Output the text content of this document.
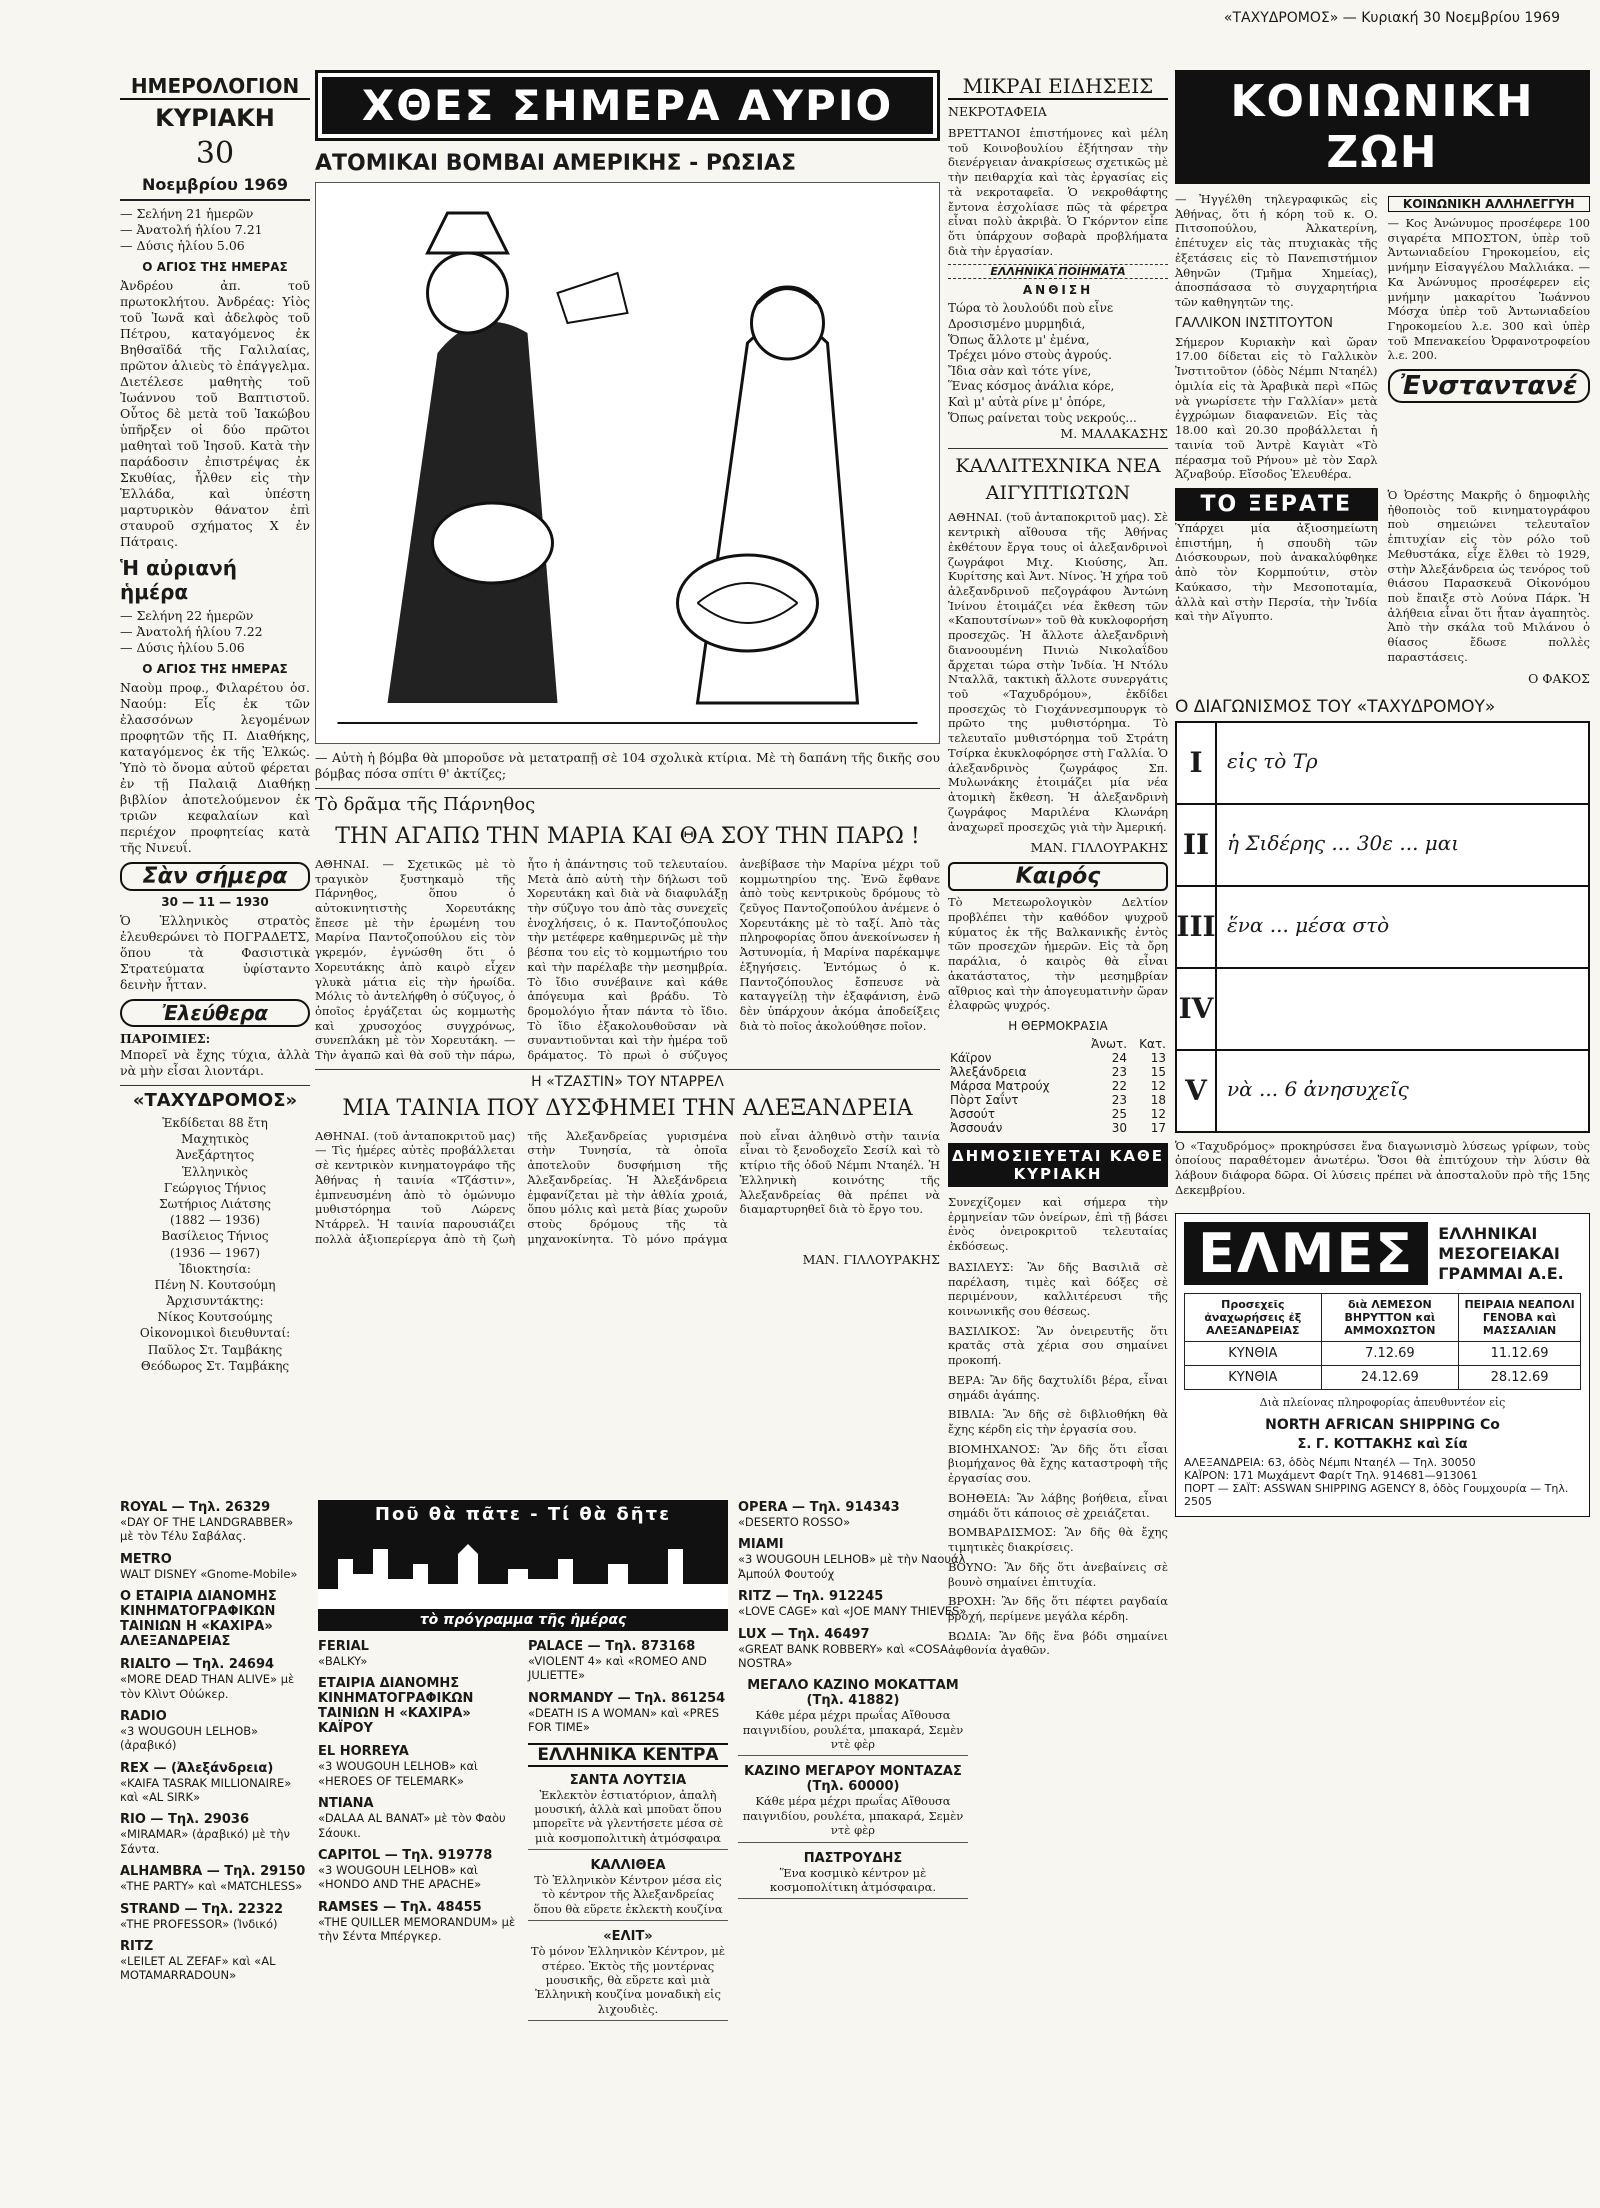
«ΤΑΧΥΔΡΟΜΟΣ» — Κυριακή 30 Νοεμβρίου 1969
ΗΜΕΡΟΛΟΓΙΟΝ
ΚΥΡΙΑΚΗ
30
Νοεμβρίου 1969
— Σελήνη 21 ἡμερῶν
— Ἀνατολή ἡλίου 7.21
— Δύσις ἡλίου 5.06
Ο ΑΓΙΟΣ ΤΗΣ ΗΜΕΡΑΣ

Ἀνδρέου ἀπ. τοῦ πρωτοκλήτου. Ἀνδρέας: Υἱὸς τοῦ Ἰωνᾶ καὶ ἀδελφὸς τοῦ Πέτρου, καταγόμενος ἐκ Βηθσαϊδά τῆς Γαλιλαίας, πρῶτον ἁλιεὺς τὸ ἐπάγγελμα. Διετέλεσε μαθητὴς τοῦ Ἰωάννου τοῦ Βαπτιστοῦ. Οὗτος δὲ μετὰ τοῦ Ἰακώβου ὑπῆρξεν οἱ δύο πρῶτοι μαθηταὶ τοῦ Ἰησοῦ. Κατὰ τὴν παράδοσιν ἐπιστρέψας ἐκ Σκυθίας, ἦλθεν εἰς τὴν Ἑλλάδα, καὶ ὑπέστη μαρτυρικὸν θάνατον ἐπὶ σταυροῦ σχήματος Χ ἐν Πάτραις.

Ἡ αὐριανή ἡμέρα
— Σελήνη 22 ἡμερῶν
— Ἀνατολή ἡλίου 7.22
— Δύσις ἡλίου 5.06
Ο ΑΓΙΟΣ ΤΗΣ ΗΜΕΡΑΣ

Ναοὺμ προφ., Φιλαρέτου ὁσ. Ναούμ: Εἷς ἐκ τῶν ἐλασσόνων λεγομένων προφητῶν τῆς Π. Διαθήκης, καταγόμενος ἐκ τῆς Ἐλκώς. Ὑπὸ τὸ ὄνομα αὐτοῦ φέρεται ἐν τῇ Παλαιᾷ Διαθήκῃ βιβλίον ἀποτελούμενον ἐκ τριῶν κεφαλαίων καὶ περιέχον προφητείας κατὰ τῆς Νινευΐ.

Σὰν σήμερα
30 — 11 — 1930

Ὁ Ἑλληνικὸς στρατὸς ἐλευθερώνει τὸ ΠΟΓΡΑΔΕΤΣ, ὅπου τὰ Φασιστικὰ Στρατεύματα ὑφίσταντο δεινὴν ἧτταν.

Ἐλεύθερα
ΠΑΡΟΙΜΙΕΣ:

Μπορεῖ νὰ ἔχης τύχια, ἀλλὰ νὰ μὴν εἶσαι λιοντάρι.

«ΤΑΧΥΔΡΟΜΟΣ»
Ἐκδίδεται 88 ἔτη
Μαχητικὸς
Ἀνεξάρτητος
Ἑλληνικὸς
Γεώργιος Τήνιος
Σωτήριος Λιάτσης
(1882 — 1936)
Βασίλειος Τήνιος
(1936 — 1967)
Ἰδιοκτησία:
Πένη Ν. Κουτσούμη
Ἀρχισυντάκτης:
Νίκος Κουτσούμης
Οἰκονομικοὶ διευθυνταί:
Παῦλος Στ. Ταμβάκης
Θεόδωρος Στ. Ταμβάκης
ΧΘΕΣ ΣΗΜΕΡΑ ΑΥΡΙΟ
ΑΤΟΜΙΚΑΙ ΒΟΜΒΑΙ ΑΜΕΡΙΚΗΣ - ΡΩΣΙΑΣ

— Αὐτὴ ἡ βόμβα θὰ μποροῦσε νὰ μετατραπῇ σὲ 104 σχολικὰ κτίρια. Μὲ τὴ δαπάνη τῆς δικῆς σου βόμβας πόσα σπίτι θ' ἀκτίζες;

Τὸ δρᾶμα τῆς Πάρνηθος
ΤΗΝ ΑΓΑΠΩ ΤΗΝ ΜΑΡΙΑ ΚΑΙ ΘΑ ΣΟΥ ΤΗΝ ΠΑΡΩ !

ΑΘΗΝΑΙ. — Σχετικῶς μὲ τὸ τραγικὸν ξυστηκαμὸ τῆς Πάρνηθος, ὅπου ὁ αὐτοκινητιστὴς Χορευτάκης ἔπεσε μὲ τὴν ἐρωμένη του Μαρίνα Παντοζοπούλου εἰς τὸν γκρεμόν, ἐγνώσθη ὅτι ὁ Χορευτάκης ἀπὸ καιρὸ εἶχεν γλυκὰ μάτια εἰς τὴν ἡρωίδα. Μόλις τὸ ἀντελήφθη ὁ σύζυγος, ὁ ὁποῖος ἐργάζεται ὡς κομμωτὴς καὶ χρυσοχόος συγχρόνως, συνεπλάκη μὲ τὸν Χορευτάκη. — Τὴν ἀγαπῶ καὶ θὰ σοῦ τὴν πάρω, ἦτο ἡ ἀπάντησις τοῦ τελευταίου. Μετὰ ἀπὸ αὐτὴ τὴν δήλωσι τοῦ Χορευτάκη καὶ διὰ νὰ διαφυλάξῃ τὴν σύζυγο του ἀπὸ τὰς συνεχεῖς ἐνοχλήσεις, ὁ κ. Παντοζόπουλος τὴν μετέφερε καθημερινῶς μὲ τὴν βέσπα του εἰς τὸ κομμωτήριο του καὶ τὴν παρέλαβε τὴν μεσημβρία. Τὸ ἴδιο συνέβαινε καὶ κάθε ἀπόγευμα καὶ βράδυ. Τὸ δρομολόγιο ἦταν πάντα τὸ ἴδιο. Τὸ ἴδιο ἐξακολουθοῦσαν νὰ συναντιοῦνται καὶ τὴν ἡμέρα τοῦ δράματος. Τὸ πρωὶ ὁ σύζυγος ἀνεβίβασε τὴν Μαρίνα μέχρι τοῦ κομμωτηρίου της. Ἐνῶ ἔφθανε ἀπὸ τοὺς κεντρικοὺς δρόμους τὸ ζεῦγος Παντοζοπούλου ἀνέμενε ὁ Χορευτάκης μὲ τὸ ταξί. Ἀπὸ τὰς πληροφορίας ὅπου ἀνεκοίνωσεν ἡ Ἀστυνομία, ἡ Μαρίνα παρέκαμψε ἐξηγήσεις. Ἐντόμως ὁ κ. Παντοζόπουλος ἔσπευσε νὰ καταγγείλῃ τὴν ἐξαφάνιση, ἐνῶ δὲν ὑπάρχουν ἀκόμα ἀποδείξεις διὰ τὸ ποῖος ἀκολούθησε ποῖον.

Η «ΤΖΑΣΤΙΝ» ΤΟΥ ΝΤΑΡΡΕΛ
ΜΙΑ ΤΑΙΝΙΑ ΠΟΥ ΔΥΣΦΗΜΕΙ ΤΗΝ ΑΛΕΞΑΝΔΡΕΙΑ

ΑΘΗΝΑΙ. (τοῦ ἀνταποκριτοῦ μας) — Τὶς ἡμέρες αὐτὲς προβάλλεται σὲ κεντρικὸν κινηματογράφο τῆς Ἀθήνας ἡ ταινία «Τζάστιν», ἐμπνευσμένη ἀπὸ τὸ ὁμώνυμο μυθιστόρημα τοῦ Λώρενς Ντάρρελ. Ἡ ταινία παρουσιάζει πολλὰ ἀξιοπερίεργα ἀπὸ τὴ ζωὴ τῆς Ἀλεξανδρείας γυρισμένα στὴν Τυνησία, τὰ ὁποῖα ἀποτελοῦν δυσφήμιση τῆς Ἀλεξανδρείας. Ἡ Ἀλεξάνδρεια ἐμφανίζεται μὲ τὴν ἀθλία χροιά, ὅπου μόλις καὶ μετὰ βίας χωροῦν στοὺς δρόμους τῆς τὰ μηχανοκίνητα. Τὸ μόνο πράγμα ποὺ εἶναι ἀληθινὸ στὴν ταινία εἶναι τὸ ξενοδοχεῖο Σεσίλ καὶ τὸ κτίριο τῆς ὁδοῦ Νέμπι Νταηέλ. Ἡ Ἑλληνικὴ κοινότης τῆς Ἀλεξανδρείας θὰ πρέπει νὰ διαμαρτυρηθεῖ διὰ τὸ ἔργο του.

ΜΑΝ. ΓΙΛΛΟΥΡΑΚΗΣ
ΜΙΚΡΑΙ ΕΙΔΗΣΕΙΣ
ΝΕΚΡΟΤΑΦΕΙΑ

ΒΡΕΤΤΑΝΟΙ ἐπιστήμονες καὶ μέλη τοῦ Κοινοβουλίου ἐξήτησαν τὴν διενέργειαν ἀνακρίσεως σχετικῶς μὲ τὴν πειθαρχία καὶ τὰς ἐργασίας εἰς τὰ νεκροταφεῖα. Ὁ νεκροθάφτης ἔντονα ἐσχολίασε πῶς τὰ φέρετρα εἶναι πολὺ ἀκριβὰ. Ὁ Γκόρντον εἶπε ὅτι ὑπάρχουν σοβαρὰ προβλήματα διὰ τὴν ἐργασίαν.

ΕΛΛΗΝΙΚΑ ΠΟΙΗΜΑΤΑ
ΑΝΘΙΣΗ
Τώρα τὸ λουλούδι ποὺ εἶνε
Δροσισμένο μυρμηδιά,
Ὅπως ἄλλοτε μ' ἐμένα,
Τρέχει μόνο στοὺς ἀγρούς.
Ἴδια σὰν καὶ τότε γίνε,
Ἕνας κόσμος ἀνάλια κόρε,
Καὶ μ' αὐτὰ ρίνε μ' ὁπόρε,
Ὅπως ραίνεται τοὺς νεκρούς...
Μ. ΜΑΛΑΚΑΣΗΣ
ΚΑΛΛΙΤΕΧΝΙΚΑ ΝΕΑ ΑΙΓΥΠΤΙΩΤΩΝ

ΑΘΗΝΑΙ. (τοῦ ἀνταποκριτοῦ μας). Σὲ κεντρικὴ αἴθουσα τῆς Ἀθήνας ἐκθέτουν ἔργα τους οἱ ἀλεξανδρινοὶ ζωγράφοι Μιχ. Κιούσης, Ἀπ. Κυρίτσης καὶ Ἀντ. Νίνος. Ἡ χήρα τοῦ ἀλεξανδρινοῦ πεζογράφου Ἀντώνη Ἰνίνου ἑτοιμάζει νέα ἔκθεση τῶν «Καπουτσίνων» τοῦ θὰ κυκλοφορήση προσεχῶς. Ἡ ἄλλοτε ἀλεξανδρινὴ διανοουμένη Πινιὼ Νικολαΐδου ἄρχεται τώρα στὴν Ἰνδία. Ἡ Ντόλυ Νταλλᾶ, τακτικὴ ἄλλοτε συνεργάτις τοῦ «Ταχυδρόμου», ἐκδίδει προσεχῶς τὸ Γιοχάννεσμπουργκ τὸ πρῶτο της μυθιστόρημα. Τὸ τελευταῖο μυθιστόρημα τοῦ Στράτη Τσίρκα ἐκυκλοφόρησε στὴ Γαλλία. Ὁ ἀλεξανδρινὸς ζωγράφος Σπ. Μυλωνάκης ἑτοιμάζει μία νέα ἀτομικὴ ἔκθεση. Ἡ ἀλεξανδρινὴ ζωγράφος Μαριλένα Κλωνάρη ἀναχωρεῖ προσεχῶς γιὰ τὴν Ἀμερική.

ΜΑΝ. ΓΙΛΛΟΥΡΑΚΗΣ
Καιρός

Τὸ Μετεωρολογικὸν Δελτίον προβλέπει τὴν καθόδον ψυχροῦ κύματος ἐκ τῆς Βαλκανικῆς ἐντὸς τῶν προσεχῶν ἡμερῶν. Εἰς τὰ ὄρη παράλια, ὁ καιρὸς θὰ εἶναι ἀκατάστατος, τὴν μεσημβρίαν αἴθριος καὶ τὴν ἀπογευματινὴν ὥραν ἐλαφρῶς ψυχρός.

Η ΘΕΡΜΟΚΡΑΣΙΑ
	Ἀνωτ.	Κατ.
Κάϊρον	24	13
Ἀλεξάνδρεια	23	15
Μάρσα Ματρούχ	22	12
Πὸρτ Σαΐντ	23	18
Ἀσσούτ	25	12
Ἀσσουάν	30	17
ΔΗΜΟΣΙΕΥΕΤΑΙ ΚΑΘΕ ΚΥΡΙΑΚΗ

Συνεχίζομεν καὶ σήμερα τὴν ἑρμηνείαν τῶν ὀνείρων, ἐπὶ τῇ βάσει ἑνὸς ὀνειροκριτοῦ τελευταίας ἐκδόσεως.

ΒΑΣΙΛΕΥΣ: Ἂν δῆς Βασιλιᾶ σὲ παρέλαση, τιμὲς καὶ δόξες σὲ περιμένουν, καλλιτέρευσι τῆς κοινωνικῆς σου θέσεως.

ΒΑΣΙΛΙΚΟΣ: Ἂν ὀνειρευτῆς ὅτι κρατᾶς στὰ χέρια σου σημαίνει προκοπή.

ΒΕΡΑ: Ἂν δῆς δαχτυλίδι βέρα, εἶναι σημάδι ἀγάπης.

ΒΙΒΛΙΑ: Ἂν δῆς σὲ διβλιοθήκη θὰ ἔχης κέρδη εἰς τὴν ἐργασία σου.

ΒΙΟΜΗΧΑΝΟΣ: Ἂν δῆς ὅτι εἶσαι βιομήχανος θὰ ἔχης καταστροφὴ τῆς ἐργασίας σου.

ΒΟΗΘΕΙΑ: Ἂν λάβης βοήθεια, εἶναι σημάδι ὅτι κάποιος σὲ χρειάζεται.

ΒΟΜΒΑΡΔΙΣΜΟΣ: Ἂν δῆς θὰ ἔχης τιμητικὲς διακρίσεις.

ΒΟΥΝΟ: Ἂν δῆς ὅτι ἀνεβαίνεις σὲ βουνὸ σημαίνει ἐπιτυχία.

ΒΡΟΧΗ: Ἂν δῆς ὅτι πέφτει ραγδαία βροχή, περίμενε μεγάλα κέρδη.

ΒΩΔΙΑ: Ἂν δῆς ἕνα βόδι σημαίνει ἀφθονία ἀγαθῶν.

ΚΟΙΝΩΝΙΚΗ ΖΩΗ

— Ἠγγέλθη τηλεγραφικῶς εἰς Ἀθήνας, ὅτι ἡ κόρη τοῦ κ. Ο. Πιτσοπούλου, Ἀλκατερίνη, ἐπέτυχεν εἰς τὰς πτυχιακὰς τῆς ἐξετάσεις εἰς τὸ Πανεπιστήμιον Ἀθηνῶν (Τμῆμα Χημείας), ἀποσπάσασα τὸ συγχαρητήρια τῶν καθηγητῶν της.

ΓΑΛΛΙΚΟΝ ΙΝΣΤΙΤΟΥΤΟΝ

Σήμερον Κυριακὴν καὶ ὥραν 17.00 δίδεται εἰς τὸ Γαλλικὸν Ἰνστιτοῦτον (ὁδὸς Νέμπι Νταηέλ) ὁμιλία εἰς τὰ Ἀραβικὰ περὶ «Πῶς νὰ γνωρίσετε τὴν Γαλλίαν» μετὰ ἐγχρώμων διαφανειῶν. Εἰς τὰς 18.00 καὶ 20.30 προβάλλεται ἡ ταινία τοῦ Ἀντρὲ Καγιὰτ «Τὸ πέρασμα τοῦ Ρήνου» μὲ τὸν Σαρλ Ἀζναβούρ. Εἴσοδος Ἐλευθέρα.

ΚΟΙΝΩΝΙΚΗ ΑΛΛΗΛΕΓΓΥΗ

— Κος Ἀνώνυμος προσέφερε 100 σιγαρέτα ΜΠΟΣΤΟΝ, ὑπὲρ τοῦ Ἀντωνιαδείου Γηροκομείου, εἰς μνήμην Εἰσαγγέλου Μαλλιάκα. — Κα Ἀνώνυμος προσέφερεν εἰς μνήμην μακαρίτου Ἰωάννου Μόσχα ὑπὲρ τοῦ Ἀντωνιαδείου Γηροκομείου λ.ε. 300 καὶ ὑπὲρ τοῦ Μπενακείου Ὀρφανοτροφείου λ.ε. 200.

Ἐνσταντανέ
ΤΟ ΞΕΡΑΤΕ

Ὑπάρχει μία ἀξιοσημείωτη ἐπιστήμη, ἡ σπουδὴ τῶν Διόσκουρων, ποὺ ἀνακαλύφθηκε ἀπὸ τὸν Κορμπούτιν, στὸν Καύκασο, τὴν Μεσοποταμία, ἀλλὰ καὶ στὴν Περσία, τὴν Ἰνδία καὶ τὴν Αἴγυπτο.

Ὁ Ὀρέστης Μακρῆς ὁ δημοφιλὴς ἠθοποιὸς τοῦ κινηματογράφου ποὺ σημειώνει τελευταῖον ἐπιτυχίαν εἰς τὸν ρόλο τοῦ Μεθυστάκα, εἶχε ἔλθει τὸ 1929, στὴν Ἀλεξάνδρεια ὡς τενόρος τοῦ θιάσου Παρασκευᾶ Οἰκονόμου ποὺ ἔπαιξε στὸ Λούνα Πάρκ. Ἡ ἀλήθεια εἶναι ὅτι ἦταν ἀγαπητὸς. Ἀπὸ τὴν σκάλα τοῦ Μιλάνου ὁ θίασος ἔδωσε πολλὲς παραστάσεις.

Ο ΦΑΚΟΣ
Ο ΔΙΑΓΩΝΙΣΜΟΣ ΤΟΥ «ΤΑΧΥΔΡΟΜΟΥ»
I	εἰς τὸ Τρ
II ἡ Σιδέρης ... 30ε ... μαι
III ἕνα ... μέσα στὸ
IV
V	νὰ ... 6 ἀνησυχεῖς

Ὁ «Ταχυδρόμος» προκηρύσσει ἕνα διαγωνισμὸ λύσεως γρίφων, τοὺς ὁποίους παραθέτομεν ἀνωτέρω. Ὅσοι θὰ ἐπιτύχουν τὴν λύσιν θὰ λάβουν διάφορα δῶρα. Οἱ λύσεις πρέπει νὰ ἀποσταλοῦν πρὸ τῆς 15ης Δεκεμβρίου.

ΕΛΜΕΣ	ΕΛΛΗΝΙΚΑΙ
ΜΕΣΟΓΕΙΑΚΑΙ
ΓΡΑΜΜΑΙ Α.Ε.
Προσεχεῖς ἀναχωρήσεις ἐξ ΑΛΕΞΑΝΔΡΕΙΑΣ	διὰ ΛΕΜΕΣΟΝ ΒΗΡΥΤΤΟΝ καὶ ΑΜΜΟΧΩΣΤΟΝ	ΠΕΙΡΑΙΑ ΝΕΑΠΟΛΙ ΓΕΝΟΒΑ καὶ ΜΑΣΣΑΛΙΑΝ
ΚΥΝΘΙΑ	7.12.69	11.12.69
ΚΥΝΘΙΑ	24.12.69	28.12.69
Διὰ πλείονας πληροφορίας ἀπευθυντέον εἰς
NORTH AFRICAN SHIPPING Co
Σ. Γ. ΚΟΤΤΑΚΗΣ καὶ Σία
ΑΛΕΞΑΝΔΡΕΙΑ: 63, ὁδὸς Νέμπι Νταηέλ — Τηλ. 30050
ΚΑΪΡΟΝ: 171 Μωχάμεντ Φαρίτ Τηλ. 914681—913061
ΠΟΡΤ — ΣΑΪΤ: ASSWAN SHIPPING AGENCY 8, ὁδὸς Γουμχουρία — Τηλ. 2505
ROYAL — Τηλ. 26329
«DAY OF THE LANDGRABBER» μὲ τὸν Τέλυ Σαβάλας.
METRO
WALT DISNEY «Gnome-Mobile»
Ο ΕΤΑΙΡΙΑ ΔΙΑΝΟΜΗΣ ΚΙΝΗΜΑΤΟΓΡΑΦΙΚΩΝ ΤΑΙΝΙΩΝ Η «ΚΑΧΙΡΑ» ΑΛΕΞΑΝΔΡΕΙΑΣ
RIALTO — Τηλ. 24694
«MORE DEAD THAN ALIVE» μὲ τὸν Κλὶντ Οὐώκερ.
RADIO
«3 WOUGOUH LELHOB» (ἀραβικό)
REX — (Ἀλεξάνδρεια)
«KAIFA TASRAK MILLIONAIRE» καὶ «AL SIRK»
RIO — Τηλ. 29036
«MIRAMAR» (ἀραβικό) μὲ τὴν Σάντα.
ALHAMBRA — Τηλ. 29150
«THE PARTY» καὶ «MATCHLESS»
STRAND — Τηλ. 22322
«THE PROFESSOR» (Ἰνδικό)
RITZ
«LEILET AL ZEFAF» καὶ «AL MOTAMARRADOUN»
Ποῦ θὰ πᾶτε - Τί θὰ δῆτε
τὸ πρόγραμμα τῆς ἡμέρας
FERIAL
«BALKY»
ΕΤΑΙΡΙΑ ΔΙΑΝΟΜΗΣ ΚΙΝΗΜΑΤΟΓΡΑΦΙΚΩΝ ΤΑΙΝΙΩΝ Η «ΚΑΧΙΡΑ» ΚΑΪΡΟΥ
EL HORREYA
«3 WOUGOUH LELHOB» καὶ «HEROES OF TELEMARK»
ΝΤΙΑΝΑ
«DALAA AL BANAT» μὲ τὸν Φαὸυ Σάουκι.
CAPITOL — Τηλ. 919778
«3 WOUGOUH LELHOB» καὶ «HONDO AND THE APACHE»
RAMSES — Τηλ. 48455
«THE QUILLER MEMORANDUM» μὲ τὴν Σέντα Μπέργκερ.
PALACE — Τηλ. 873168
«VIOLENT 4» καὶ «ROMEO AND JULIETTE»
NORMANDY — Τηλ. 861254
«DEATH IS A WOMAN» καὶ «PRES FOR TIME»
ΕΛΛΗΝΙΚΑ ΚΕΝΤΡΑ
ΣΑΝΤΑ ΛΟΥΤΣΙΑ
Ἐκλεκτὸν ἑστιατόριον, ἀπαλὴ μουσική, ἀλλὰ καὶ μποῦατ ὅπου μπορεῖτε νὰ γλεντήσετε μέσα σὲ μιὰ κοσμοπολιτικὴ ἀτμόσφαιρα
ΚΑΛΛΙΘΕΑ
Τὸ Ἑλληνικὸν Κέντρον μέσα εἰς τὸ κέντρον τῆς Ἀλεξανδρείας ὅπου θὰ εὕρετε ἐκλεκτὴ κουζίνα
«ΕΛΙΤ»
Τὸ μόνον Ἑλληνικὸν Κέντρον, μὲ στέρεο. Ἐκτὸς τῆς μοντέρνας μουσικῆς, θὰ εὕρετε καὶ μιὰ Ἑλληνικὴ κουζίνα μοναδικὴ εἰς λιχουδιὲς.
OPERA — Τηλ. 914343
«DESERTO ROSSO»
MIAMI
«3 WOUGOUH LELHOB» μὲ τὴν Ναουάλ Ἀμπούλ Φουτούχ
RITZ — Τηλ. 912245
«LOVE CAGE» καὶ «JOE MANY THIEVES»
LUX — Τηλ. 46497
«GREAT BANK ROBBERY» καὶ «COSA NOSTRA»
ΜΕΓΑΛΟ ΚΑΖΙΝΟ ΜΟΚΑΤΤΑΜ (Τηλ. 41882)
Κάθε μέρα μέχρι πρωΐας Αἴθουσα παιγνιδίου, ρουλέτα, μπακαρά, Σεμὲν ντὲ φὲρ
ΚΑΖΙΝΟ ΜΕΓΑΡΟΥ ΜΟΝΤΑΖΑΣ (Τηλ. 60000)
Κάθε μέρα μέχρι πρωΐας Αἴθουσα παιγνιδίου, ρουλέτα, μπακαρά, Σεμὲν ντὲ φὲρ
ΠΑΣΤΡΟΥΔΗΣ
Ἕνα κοσμικὸ κέντρον μὲ κοσμοπολίτικη ἀτμόσφαιρα.
